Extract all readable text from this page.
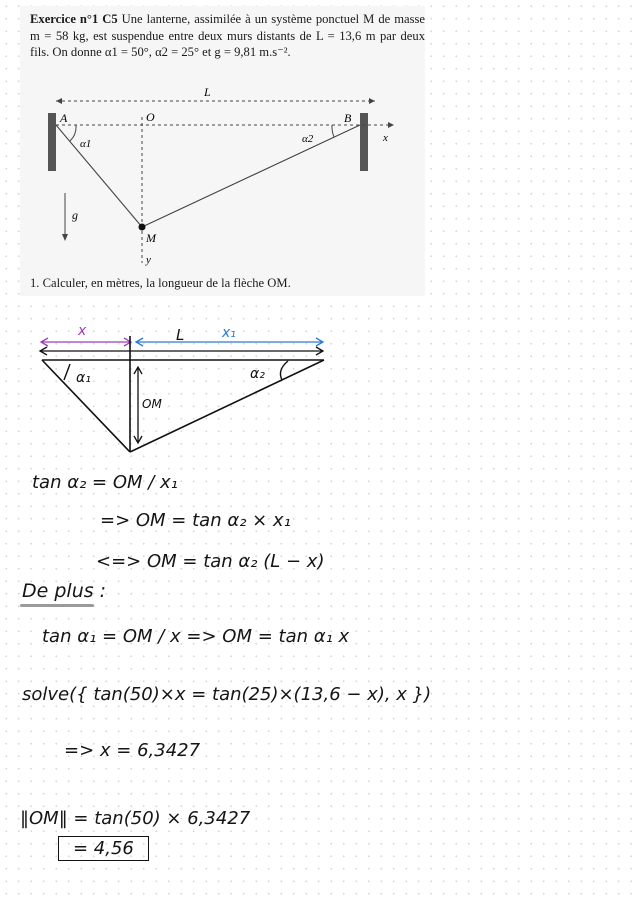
Exercice n°1 C5 Une lanterne, assimilée à un système ponctuel M de masse m = 58 kg, est suspendue entre deux murs distants de L = 13,6 m par deux fils. On donne α1 = 50°, α2 = 25° et g = 9,81 m.s⁻².
L
x
y
A	O	B
M
α1	α2
g⃗
1. Calculer, en mètres, la longueur de la flèche OM.
x	L	x₁
OM
α₁	α₂
tan α₂ = OM / x₁
=> OM = tan α₂ × x₁
<=> OM = tan α₂ (L − x)
De plus :
tan α₁ = OM / x => OM = tan α₁ x
solve({ tan(50)×x = tan(25)×(13,6 − x), x })
=> x = 6,3427
‖OM‖ = tan(50) × 6,3427
= 4,56
